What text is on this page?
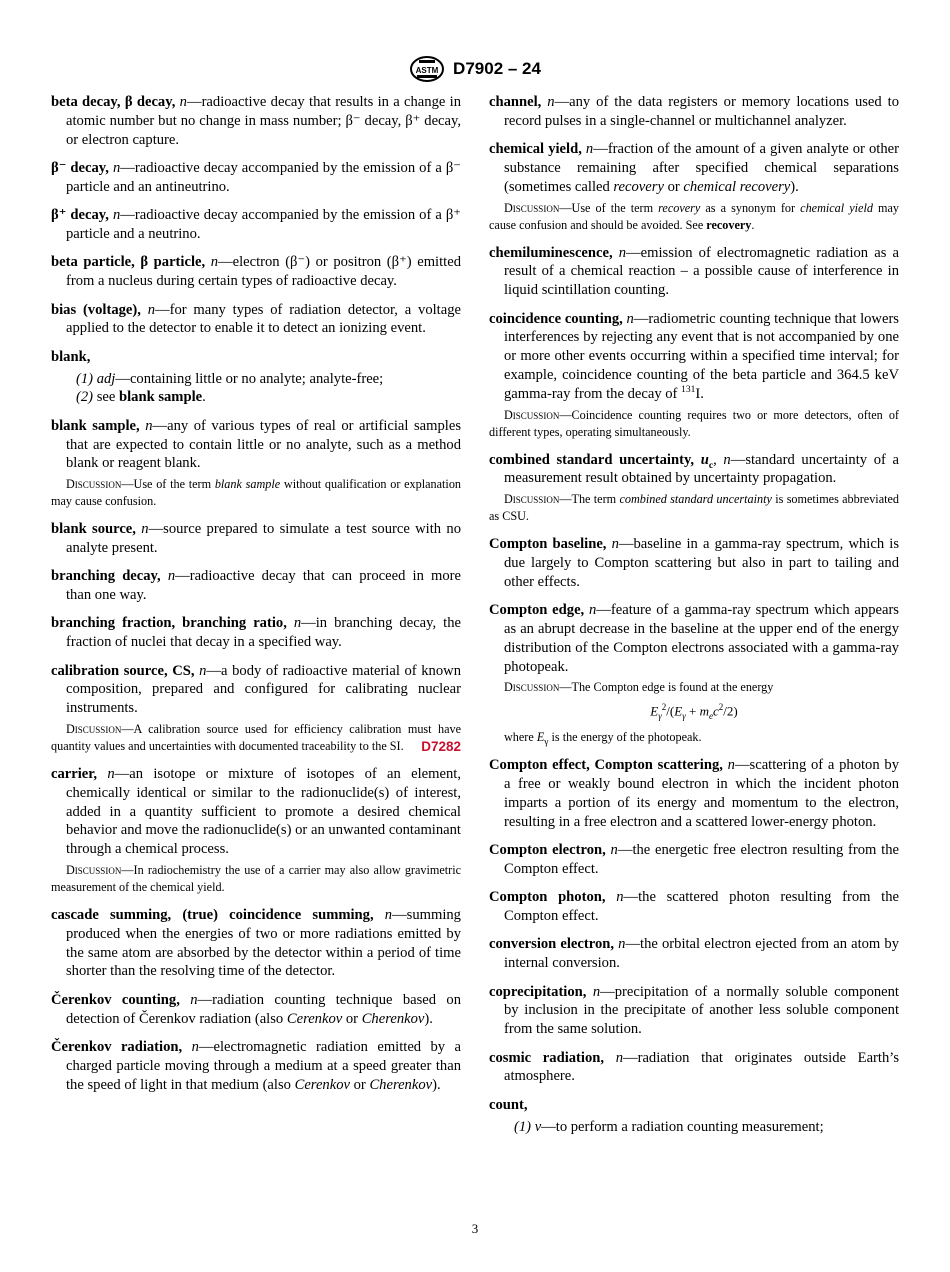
ASTM D7902 – 24
beta decay, β decay, n—radioactive decay that results in a change in atomic number but no change in mass number; β⁻ decay, β⁺ decay, or electron capture.
β⁻ decay, n—radioactive decay accompanied by the emission of a β⁻ particle and an antineutrino.
β⁺ decay, n—radioactive decay accompanied by the emission of a β⁺ particle and a neutrino.
beta particle, β particle, n—electron (β⁻) or positron (β⁺) emitted from a nucleus during certain types of radioactive decay.
bias (voltage), n—for many types of radiation detector, a voltage applied to the detector to enable it to detect an ionizing event.
blank,
(1) adj—containing little or no analyte; analyte-free;
(2) see blank sample.
blank sample, n—any of various types of real or artificial samples that are expected to contain little or no analyte, such as a method blank or reagent blank.
Discussion—Use of the term blank sample without qualification or explanation may cause confusion.
blank source, n—source prepared to simulate a test source with no analyte present.
branching decay, n—radioactive decay that can proceed in more than one way.
branching fraction, branching ratio, n—in branching decay, the fraction of nuclei that decay in a specified way.
calibration source, CS, n—a body of radioactive material of known composition, prepared and configured for calibrating nuclear instruments.
Discussion—A calibration source used for efficiency calibration must have quantity values and uncertainties with documented traceability to the SI.	D7282
carrier, n—an isotope or mixture of isotopes of an element, chemically identical or similar to the radionuclide(s) of interest, added in a quantity sufficient to promote a desired chemical behavior and move the radionuclide(s) or an unwanted contaminant through a chemical process.
Discussion—In radiochemistry the use of a carrier may also allow gravimetric measurement of the chemical yield.
cascade summing, (true) coincidence summing, n—summing produced when the energies of two or more radiations emitted by the same atom are absorbed by the detector within a period of time shorter than the resolving time of the detector.
Čerenkov counting, n—radiation counting technique based on detection of Čerenkov radiation (also Cerenkov or Cherenkov).
Čerenkov radiation, n—electromagnetic radiation emitted by a charged particle moving through a medium at a speed greater than the speed of light in that medium (also Cerenkov or Cherenkov).
channel, n—any of the data registers or memory locations used to record pulses in a single-channel or multichannel analyzer.
chemical yield, n—fraction of the amount of a given analyte or other substance remaining after specified chemical separations (sometimes called recovery or chemical recovery).
Discussion—Use of the term recovery as a synonym for chemical yield may cause confusion and should be avoided. See recovery.
chemiluminescence, n—emission of electromagnetic radiation as a result of a chemical reaction – a possible cause of interference in liquid scintillation counting.
coincidence counting, n—radiometric counting technique that lowers interferences by rejecting any event that is not accompanied by one or more other events occurring within a specified time interval; for example, coincidence counting of the beta particle and 364.5 keV gamma-ray from the decay of $^{131}$I.
Discussion—Coincidence counting requires two or more detectors, often of different types, operating simultaneously.
combined standard uncertainty, $u_c$, n—standard uncertainty of a measurement result obtained by uncertainty propagation.
Discussion—The term combined standard uncertainty is sometimes abbreviated as CSU.
Compton baseline, n—baseline in a gamma-ray spectrum, which is due largely to Compton scattering but also in part to tailing and other effects.
Compton edge, n—feature of a gamma-ray spectrum which appears as an abrupt decrease in the baseline at the upper end of the energy distribution of the Compton electrons associated with a gamma-ray photopeak.
Discussion—The Compton edge is found at the energy
$E_\gamma^2/(E_\gamma + m_ec^2/2)$
where $E_\gamma$ is the energy of the photopeak.
Compton effect, Compton scattering, n—scattering of a photon by a free or weakly bound electron in which the incident photon imparts a portion of its energy and momentum to the electron, resulting in a free electron and a scattered lower-energy photon.
Compton electron, n—the energetic free electron resulting from the Compton effect.
Compton photon, n—the scattered photon resulting from the Compton effect.
conversion electron, n—the orbital electron ejected from an atom by internal conversion.
coprecipitation, n—precipitation of a normally soluble component by inclusion in the precipitate of another less soluble component from the same solution.
cosmic radiation, n—radiation that originates outside Earth’s atmosphere.
count,
(1) v—to perform a radiation counting measurement;
3
